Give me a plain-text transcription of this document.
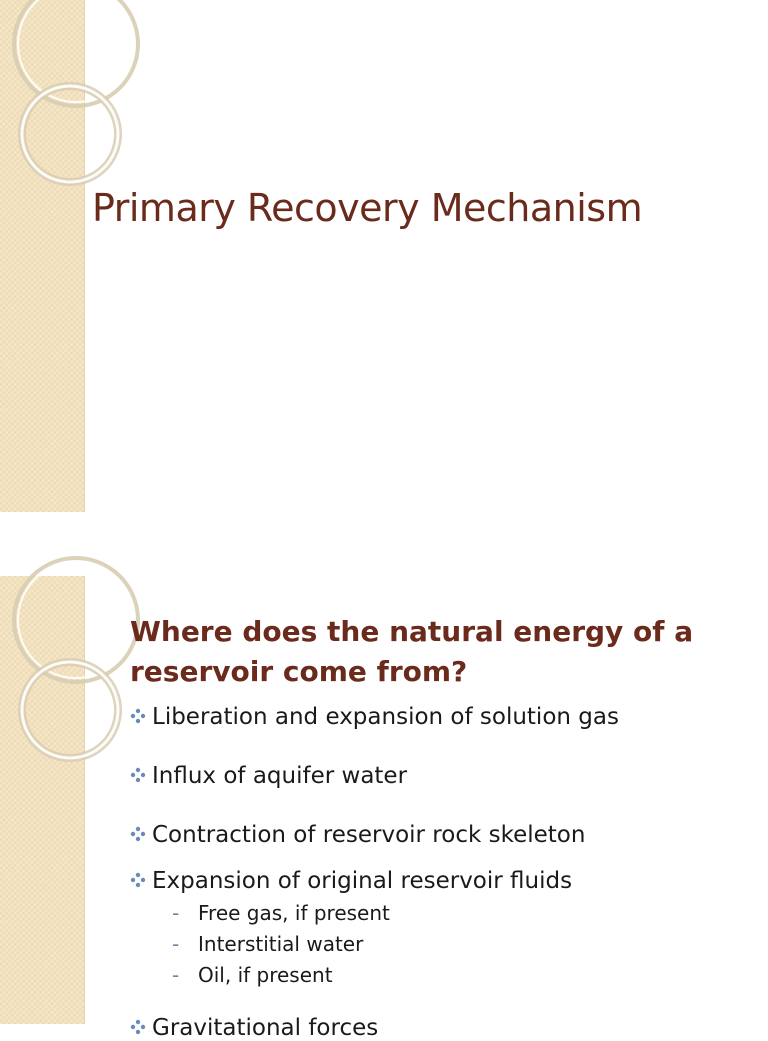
Primary Recovery Mechanism
Where does the natural energy of a reservoir come from?
Liberation and expansion of solution gas
Influx of aquifer water
Contraction of reservoir rock skeleton
Expansion of original reservoir fluids
- Free gas, if present
- Interstitial water
- Oil, if present
Gravitational forces
